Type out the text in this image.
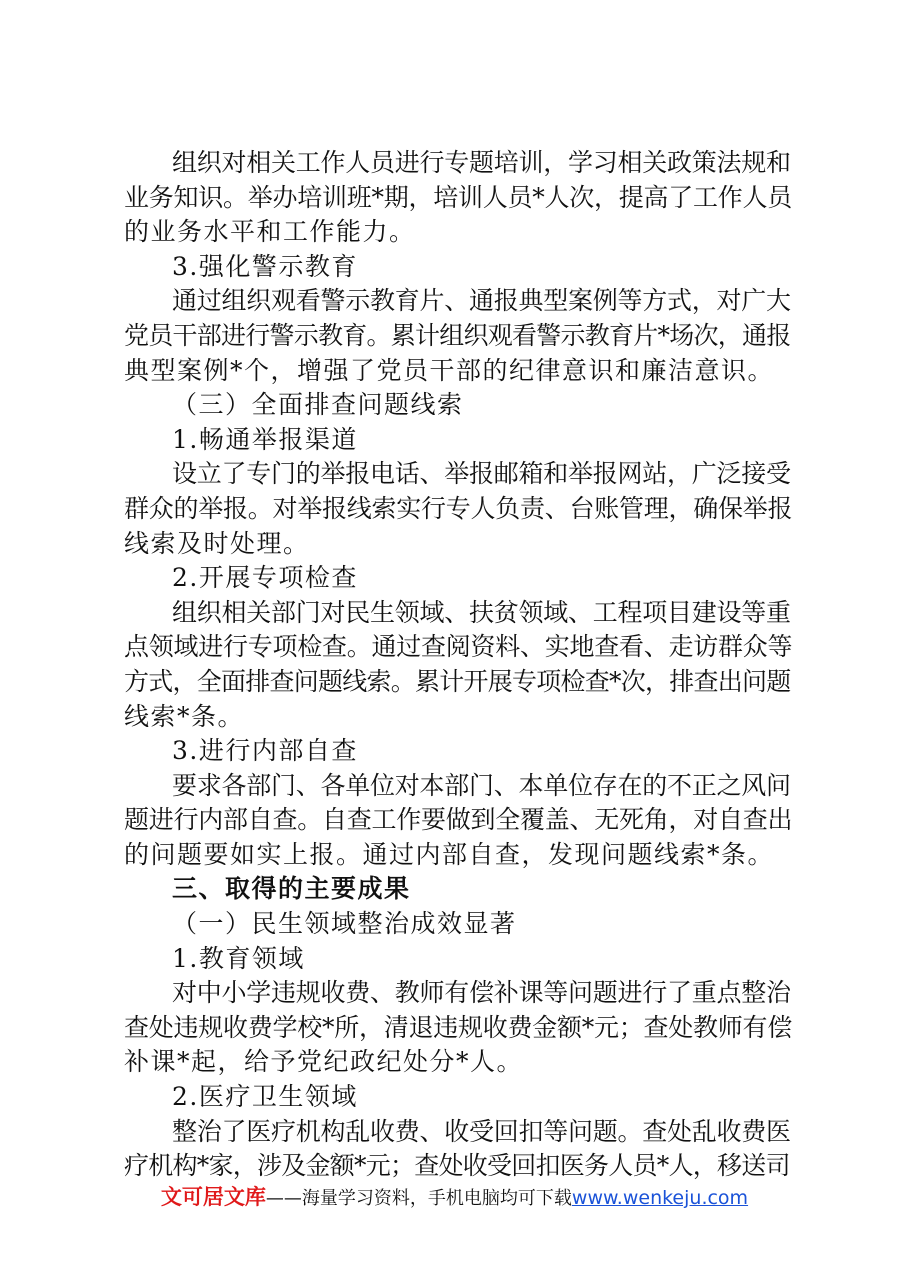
组织对相关工作人员进行专题培训，学习相关政策法规和
业务知识。举办培训班*期，培训人员*人次，提高了工作人员
的业务水平和工作能力。
3.强化警示教育
通过组织观看警示教育片、通报典型案例等方式，对广大
党员干部进行警示教育。累计组织观看警示教育片*场次，通报
典型案例*个，增强了党员干部的纪律意识和廉洁意识。
（三）全面排查问题线索
1.畅通举报渠道
设立了专门的举报电话、举报邮箱和举报网站，广泛接受
群众的举报。对举报线索实行专人负责、台账管理，确保举报
线索及时处理。
2.开展专项检查
组织相关部门对民生领域、扶贫领域、工程项目建设等重
点领域进行专项检查。通过查阅资料、实地查看、走访群众等
方式，全面排查问题线索。累计开展专项检查*次，排查出问题
线索*条。
3.进行内部自查
要求各部门、各单位对本部门、本单位存在的不正之风问
题进行内部自查。自查工作要做到全覆盖、无死角，对自查出
的问题要如实上报。通过内部自查，发现问题线索*条。
三、取得的主要成果
（一）民生领域整治成效显著
1.教育领域
对中小学违规收费、教师有偿补课等问题进行了重点整治
查处违规收费学校*所，清退违规收费金额*元；查处教师有偿
补课*起，给予党纪政纪处分*人。
2.医疗卫生领域
整治了医疗机构乱收费、收受回扣等问题。查处乱收费医
疗机构*家，涉及金额*元；查处收受回扣医务人员*人，移送司
文可居文库——海量学习资料，手机电脑均可下载www.wenkeju.com
